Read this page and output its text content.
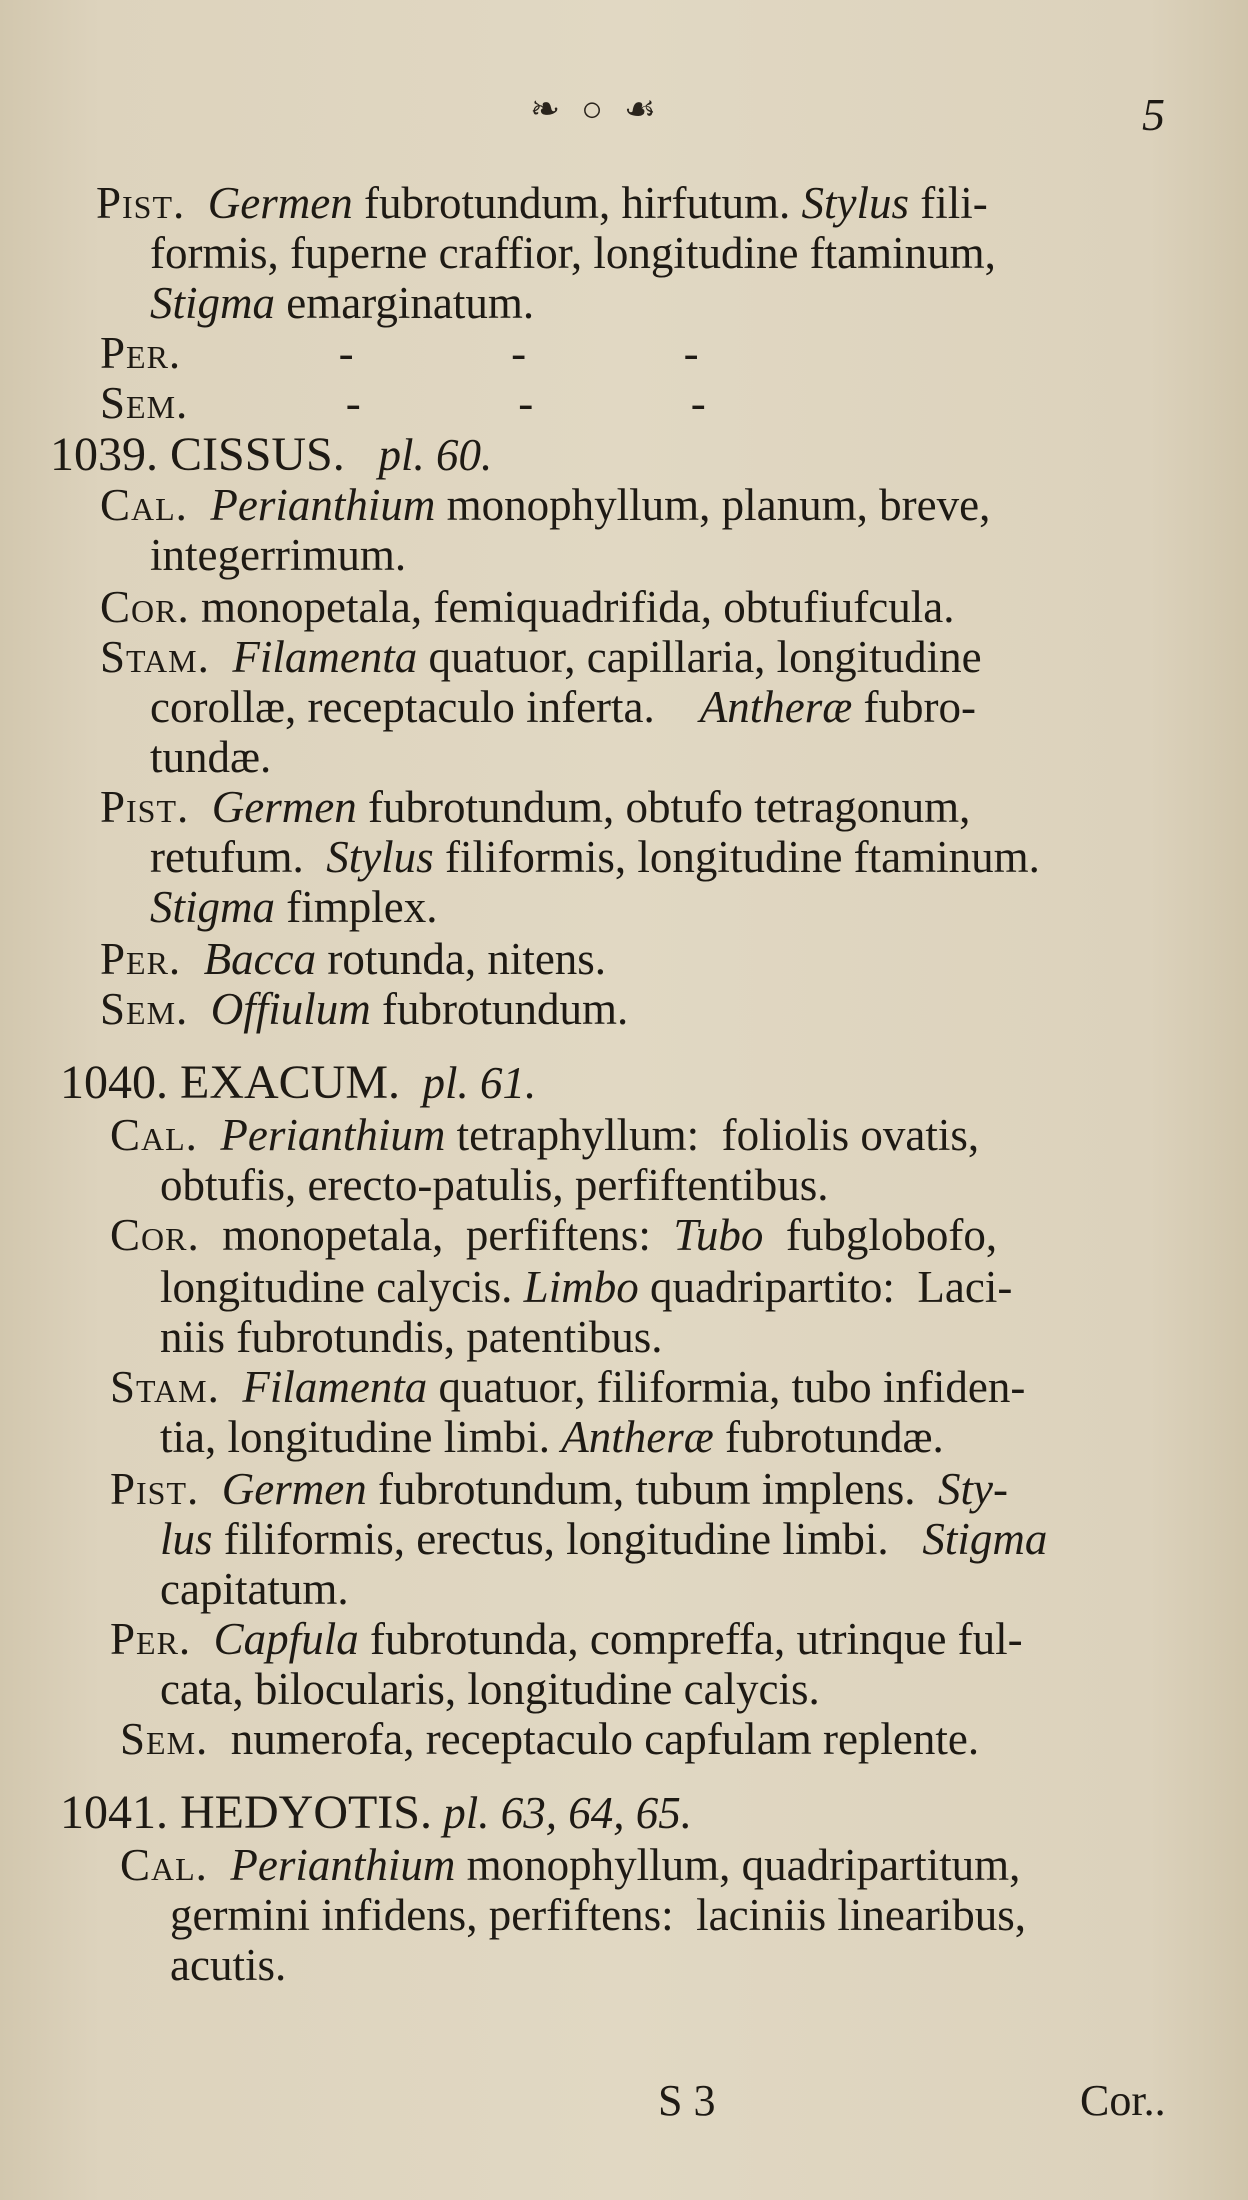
❧ ○ ☙	5
Pist. Germen fubrotundum, hirfutum. Stylus fili-
formis, fuperne craffior, longitudine ftaminum,
Stigma emarginatum.
Per.              -              -              -
Sem.              -              -              -
1039. CISSUS. pl. 60.
Cal. Perianthium monophyllum, planum, breve,
integerrimum.
Cor. monopetala, femiquadrifida, obtufiufcula.
Stam. Filamenta quatuor, capillaria, longitudine
corollæ, receptaculo inferta.    Antheræ fubro-
tundæ.
Pist. Germen fubrotundum, obtufo tetragonum,
retufum.  Stylus filiformis, longitudine ftaminum.
Stigma fimplex.
Per. Bacca rotunda, nitens.
Sem. Offiulum fubrotundum.
1040. EXACUM. pl. 61.
Cal. Perianthium tetraphyllum:  foliolis ovatis,
obtufis, erecto-patulis, perfiftentibus.
Cor.  monopetala,  perfiftens:  Tubo  fubglobofo,
longitudine calycis. Limbo quadripartito:  Laci-
niis fubrotundis, patentibus.
Stam. Filamenta quatuor, filiformia, tubo infiden-
tia, longitudine limbi. Antheræ fubrotundæ.
Pist. Germen fubrotundum, tubum implens.  Sty-
lus filiformis, erectus, longitudine limbi.   Stigma
capitatum.
Per. Capfula fubrotunda, compreffa, utrinque ful-
cata, bilocularis, longitudine calycis.
Sem.  numerofa, receptaculo capfulam replente.
1041. HEDYOTIS. pl. 63, 64, 65.
Cal. Perianthium monophyllum, quadripartitum,
germini infidens, perfiftens:  laciniis linearibus,
acutis.
S 3	Cor..
